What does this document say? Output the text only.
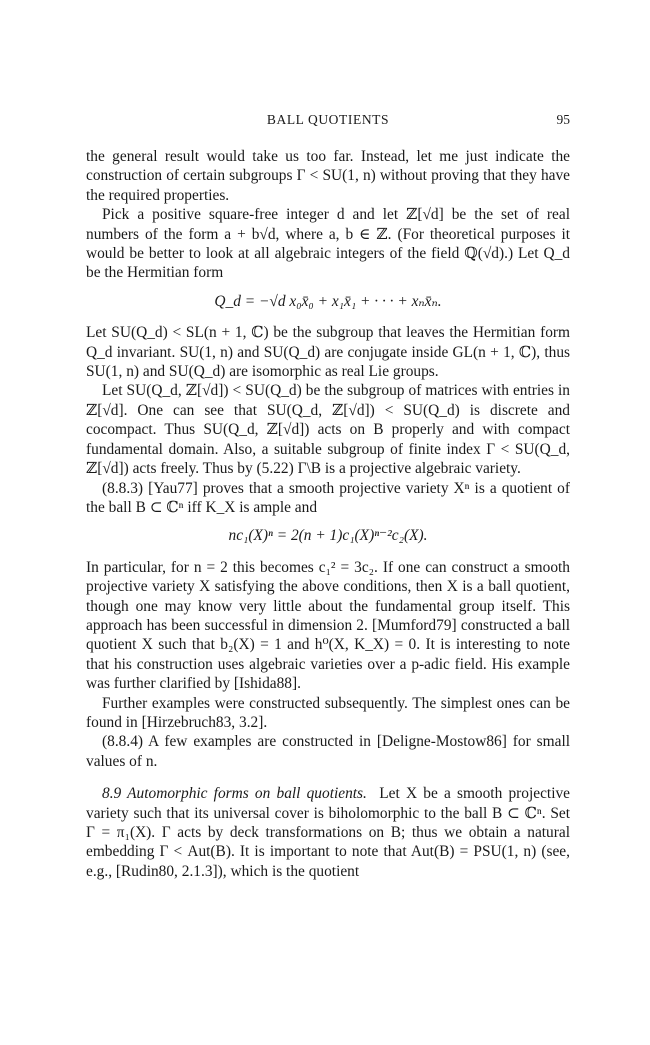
BALL QUOTIENTS	95

the general result would take us too far. Instead, let me just indicate the construction of certain subgroups Γ < SU(1, n) without proving that they have the required properties.

Pick a positive square-free integer d and let ℤ[√d] be the set of real numbers of the form a + b√d, where a, b ∈ ℤ. (For theoretical purposes it would be better to look at all algebraic integers of the field ℚ(√d).) Let Q_d be the Hermitian form

Q_d = −√d x₀x̄₀ + x₁x̄₁ + · · · + xₙx̄ₙ.

Let SU(Q_d) < SL(n + 1, ℂ) be the subgroup that leaves the Hermitian form Q_d invariant. SU(1, n) and SU(Q_d) are conjugate inside GL(n + 1, ℂ), thus SU(1, n) and SU(Q_d) are isomorphic as real Lie groups.

Let SU(Q_d, ℤ[√d]) < SU(Q_d) be the subgroup of matrices with entries in ℤ[√d]. One can see that SU(Q_d, ℤ[√d]) < SU(Q_d) is discrete and cocompact. Thus SU(Q_d, ℤ[√d]) acts on B properly and with compact fundamental domain. Also, a suitable subgroup of finite index Γ < SU(Q_d, ℤ[√d]) acts freely. Thus by (5.22) Γ\B is a projective algebraic variety.

(8.8.3) [Yau77] proves that a smooth projective variety Xⁿ is a quotient of the ball B ⊂ ℂⁿ iff K_X is ample and

nc₁(X)ⁿ = 2(n + 1)c₁(X)ⁿ⁻²c₂(X).

In particular, for n = 2 this becomes c₁² = 3c₂. If one can construct a smooth projective variety X satisfying the above conditions, then X is a ball quotient, though one may know very little about the fundamental group itself. This approach has been successful in dimension 2. [Mumford79] constructed a ball quotient X such that b₂(X) = 1 and h⁰(X, K_X) = 0. It is interesting to note that his construction uses algebraic varieties over a p-adic field. His example was further clarified by [Ishida88].

Further examples were constructed subsequently. The simplest ones can be found in [Hirzebruch83, 3.2].

(8.8.4) A few examples are constructed in [Deligne-Mostow86] for small values of n.

8.9 Automorphic forms on ball quotients. Let X be a smooth projective variety such that its universal cover is biholomorphic to the ball B ⊂ ℂⁿ. Set Γ = π₁(X). Γ acts by deck transformations on B; thus we obtain a natural embedding Γ < Aut(B). It is important to note that Aut(B) = PSU(1, n) (see, e.g., [Rudin80, 2.1.3]), which is the quotient
